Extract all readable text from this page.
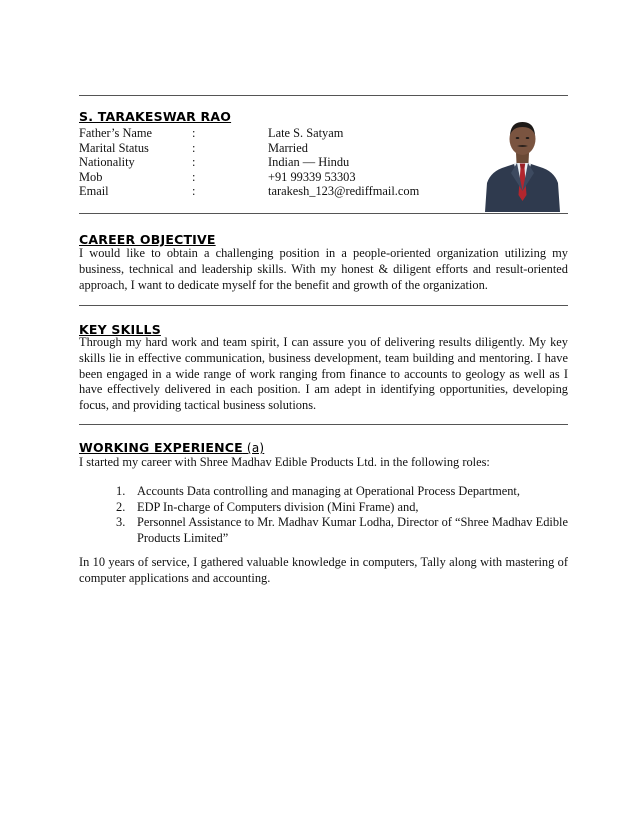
S. TARAKESWAR RAO
Father’s Name	:	Late S. Satyam
Marital Status	:	Married
Nationality	:	Indian — Hindu
Mob	:	+91 99339 53303
Email	:	tarakesh_123@rediffmail.com
CAREER OBJECTIVE

I would like to obtain a challenging position in a people-oriented organization utilizing my business, technical and leadership skills. With my honest & diligent efforts and result-oriented approach, I want to dedicate myself for the benefit and growth of the organization.

KEY SKILLS

Through my hard work and team spirit, I can assure you of delivering results diligently. My key skills lie in effective communication, business development, team building and mentoring. I have been engaged in a wide range of work ranging from finance to accounts to geology as well as I have effectively delivered in each position. I am adept in identifying opportunities, developing focus, and providing tactical business solutions.

WORKING EXPERIENCE (a)

I started my career with Shree Madhav Edible Products Ltd. in the following roles:

1. Accounts Data controlling and managing at Operational Process Department,
2. EDP In-charge of Computers division (Mini Frame) and,
3. Personnel Assistance to Mr. Madhav Kumar Lodha, Director of “Shree Madhav Edible Products Limited”

In 10 years of service, I gathered valuable knowledge in computers, Tally along with mastering of computer applications and accounting.
